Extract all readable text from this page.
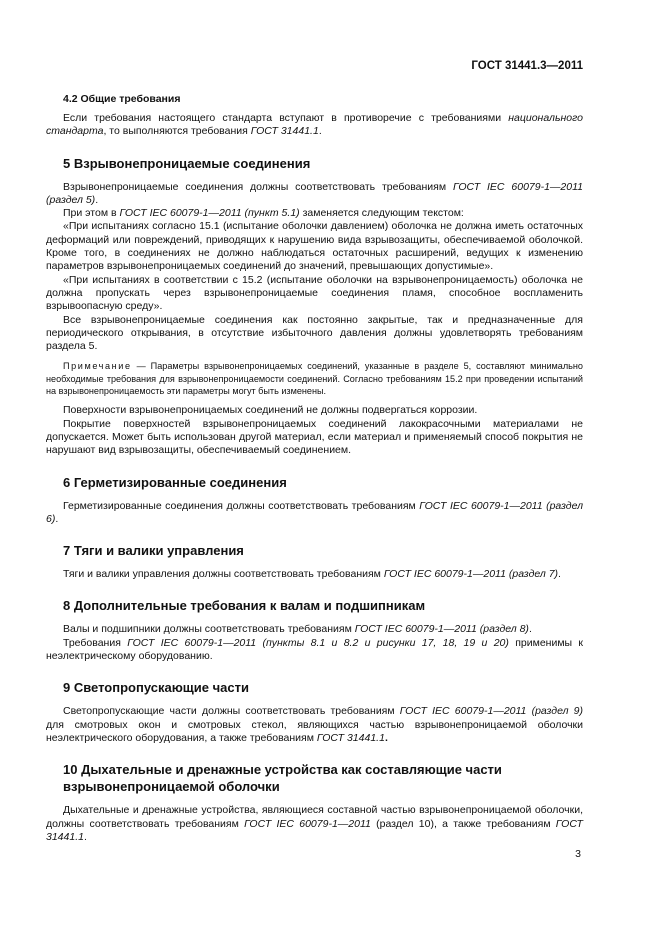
ГОСТ 31441.3—2011
4.2 Общие требования

Если требования настоящего стандарта вступают в противоречие с требованиями национального стандарта, то выполняются требования ГОСТ 31441.1.

5 Взрывонепроницаемые соединения

Взрывонепроницаемые соединения должны соответствовать требованиям ГОСТ IEC 60079-1—2011 (раздел 5).

При этом в ГОСТ IEC 60079-1—2011 (пункт 5.1) заменяется следующим текстом:

«При испытаниях согласно 15.1 (испытание оболочки давлением) оболочка не должна иметь остаточных деформаций или повреждений, приводящих к нарушению вида взрывозащиты, обеспечиваемой оболочкой. Кроме того, в соединениях не должно наблюдаться остаточных расширений, ведущих к изменению параметров взрывонепроницаемых соединений до значений, превышающих допустимые».

«При испытаниях в соответствии с 15.2 (испытание оболочки на взрывонепроницаемость) оболочка не должна пропускать через взрывонепроницаемые соединения пламя, способное воспламенить взрывоопасную среду».

Все взрывонепроницаемые соединения как постоянно закрытые, так и предназначенные для периодического открывания, в отсутствие избыточного давления должны удовлетворять требованиям раздела 5.

Примечание — Параметры взрывонепроницаемых соединений, указанные в разделе 5, составляют минимально необходимые требования для взрывонепроницаемости соединений. Согласно требованиям 15.2 при проведении испытаний на взрывонепроницаемость эти параметры могут быть изменены.

Поверхности взрывонепроницаемых соединений не должны подвергаться коррозии.

Покрытие поверхностей взрывонепроницаемых соединений лакокрасочными материалами не допускается. Может быть использован другой материал, если материал и применяемый способ покрытия не нарушают вид взрывозащиты, обеспечиваемый соединением.

6 Герметизированные соединения

Герметизированные соединения должны соответствовать требованиям ГОСТ IEC 60079-1—2011 (раздел 6).

7 Тяги и валики управления

Тяги и валики управления должны соответствовать требованиям ГОСТ IEC 60079-1—2011 (раздел 7).

8 Дополнительные требования к валам и подшипникам

Валы и подшипники должны соответствовать требованиям ГОСТ IEC 60079-1—2011 (раздел 8).

Требования ГОСТ IEC 60079-1—2011 (пункты 8.1 и 8.2 и рисунки 17, 18, 19 и 20) применимы к неэлектрическому оборудованию.

9 Светопропускающие части

Светопропускающие части должны соответствовать требованиям ГОСТ IEC 60079-1—2011 (раздел 9) для смотровых окон и смотровых стекол, являющихся частью взрывонепроницаемой оболочки неэлектрического оборудования, а также требованиям ГОСТ 31441.1.

10 Дыхательные и дренажные устройства как составляющие части взрывонепроницаемой оболочки

Дыхательные и дренажные устройства, являющиеся составной частью взрывонепроницаемой оболочки, должны соответствовать требованиям ГОСТ IEC 60079-1—2011 (раздел 10), а также требованиям ГОСТ 31441.1.

3
